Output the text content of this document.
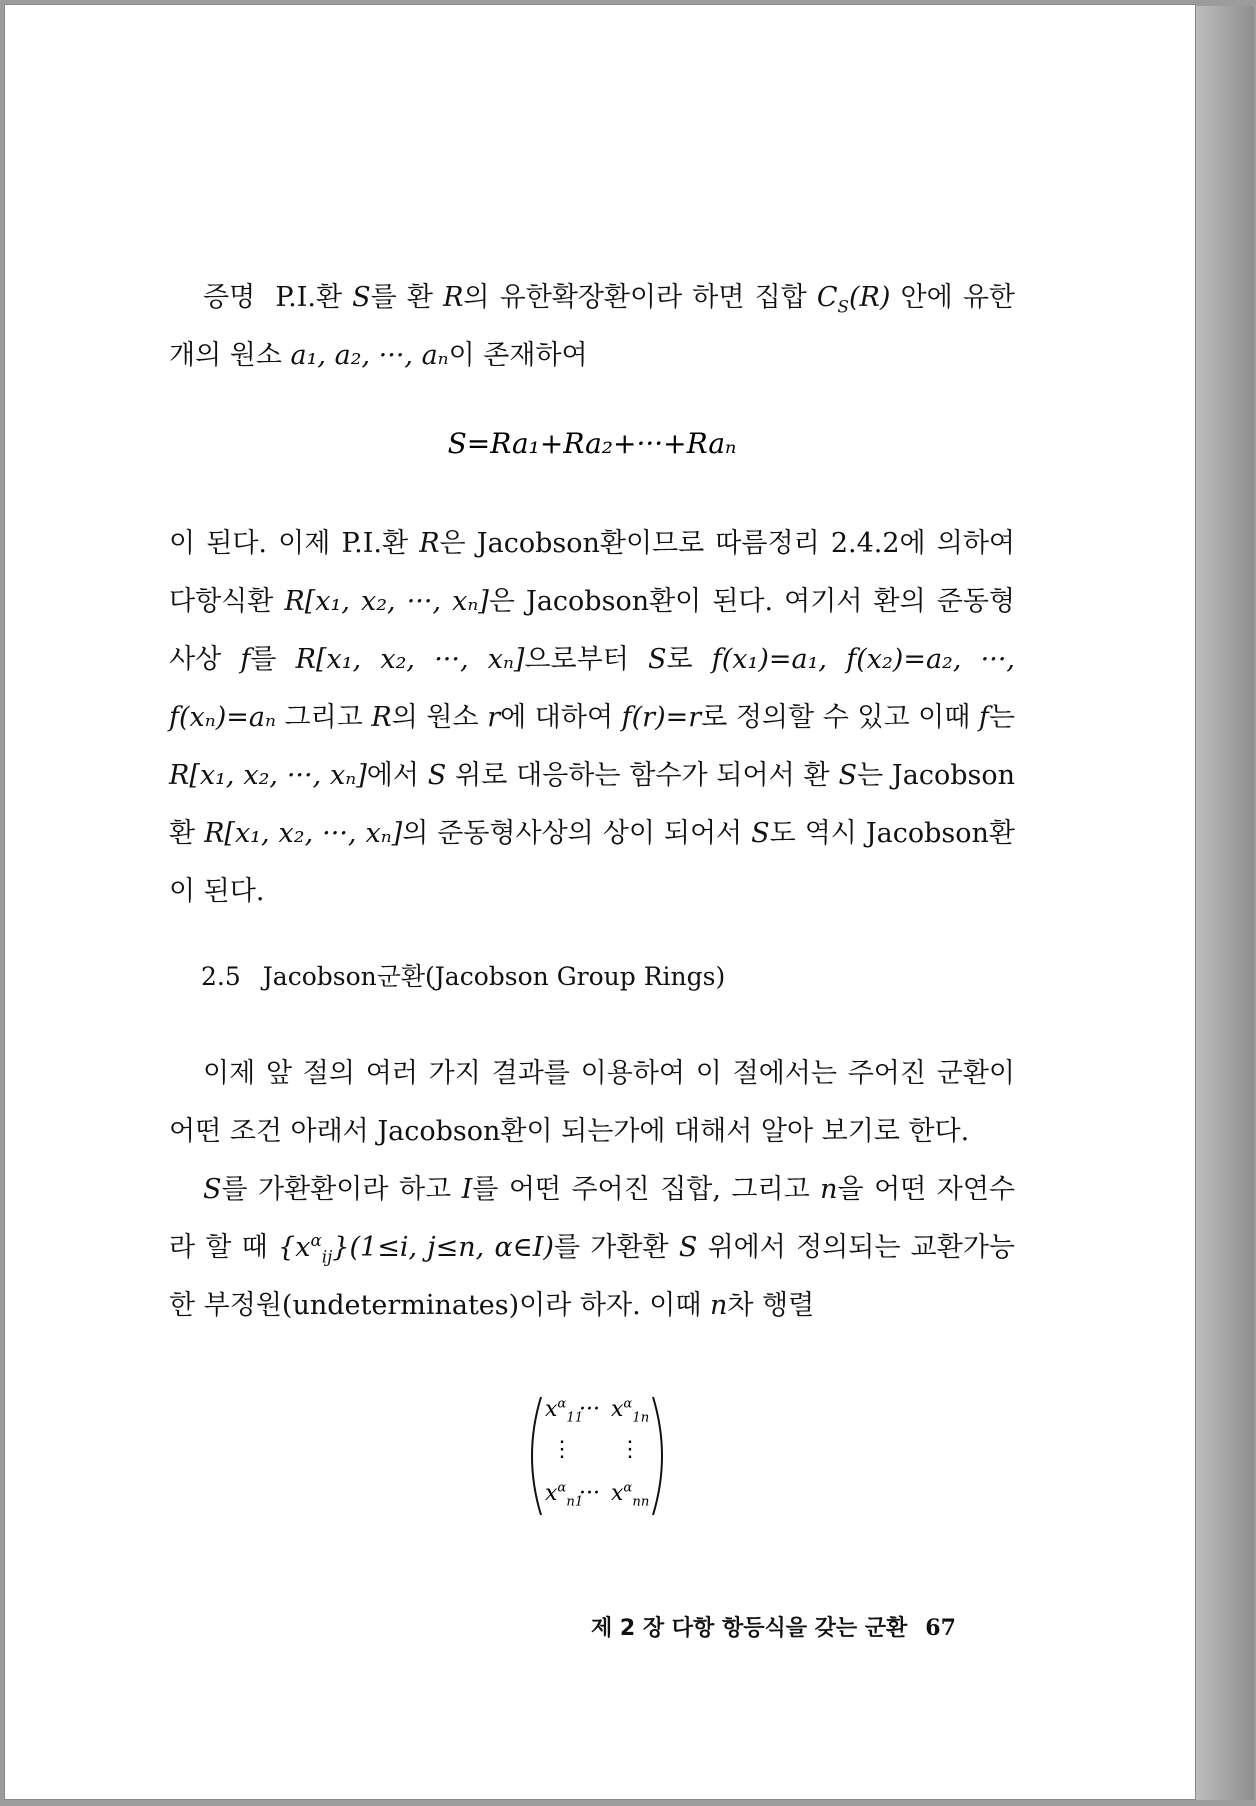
증명 P.I.환 S를 환 R의 유한확장환이라 하면 집합 $C_S(R)$ 안에 유한개의 원소 a₁, a₂, ···, aₙ이 존재하여

S=Ra₁+Ra₂+···+Raₙ

이 된다. 이제 P.I.환 R은 Jacobson환이므로 따름정리 2.4.2에 의하여 다항식환 R[x₁, x₂, ···, xₙ]은 Jacobson환이 된다. 여기서 환의 준동형사상 f를 R[x₁, x₂, ···, xₙ]으로부터 S로 f(x₁)=a₁, f(x₂)=a₂, ···, f(xₙ)=aₙ 그리고 R의 원소 r에 대하여 f(r)=r로 정의할 수 있고 이때 f는 R[x₁, x₂, ···, xₙ]에서 S 위로 대응하는 함수가 되어서 환 S는 Jacobson환 R[x₁, x₂, ···, xₙ]의 준동형사상의 상이 되어서 S도 역시 Jacobson환이 된다.

2.5 Jacobson군환(Jacobson Group Rings)

이제 앞 절의 여러 가지 결과를 이용하여 이 절에서는 주어진 군환이 어떤 조건 아래서 Jacobson환이 되는가에 대해서 알아 보기로 한다.

S를 가환환이라 하고 I를 어떤 주어진 집합, 그리고 n을 어떤 자연수라 할 때 $\{x^\alpha_{ij}\}(1\le i$, j≤n, α∈I)를 가환환 S 위에서 정의되는 교환가능한 부정원(undeterminates)이라 하자. 이때 n차 행렬

$x^\alpha_{11}$
··· $x^\alpha_{1n}$
⋮ ⋮
$x^\alpha_{n1}$
··· $x^\alpha_{nn}$
제 2 장 다항 항등식을 갖는 군환 67
